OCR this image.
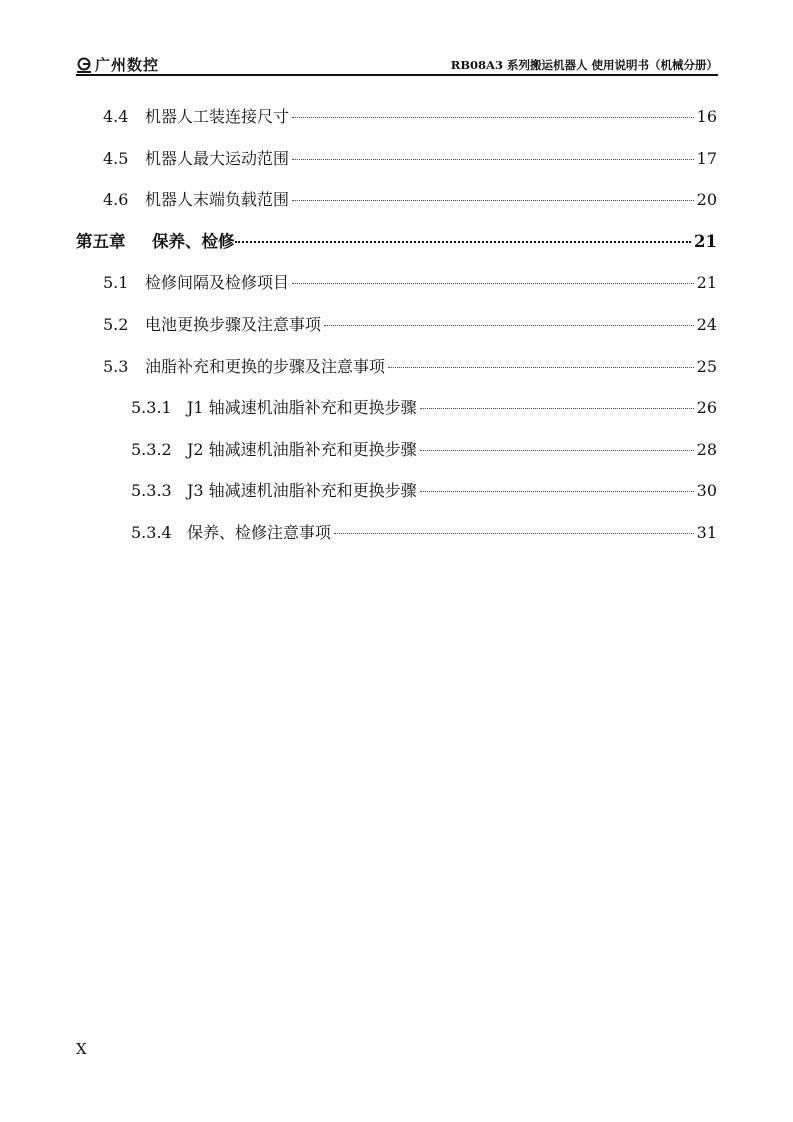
广州数控	RB08A3 系列搬运机器人 使用说明书（机械分册）
4.4	机器人工装连接尺寸	16
4.5	机器人最大运动范围	17
4.6	机器人末端负载范围	20
第五章	保养、检修	21
5.1	检修间隔及检修项目	21
5.2	电池更换步骤及注意事项	24
5.3	油脂补充和更换的步骤及注意事项	25
5.3.1 J1 轴减速机油脂补充和更换步骤	26
5.3.2 J2 轴减速机油脂补充和更换步骤	28
5.3.3 J3 轴减速机油脂补充和更换步骤	30
5.3.4 保养、检修注意事项	31
X
